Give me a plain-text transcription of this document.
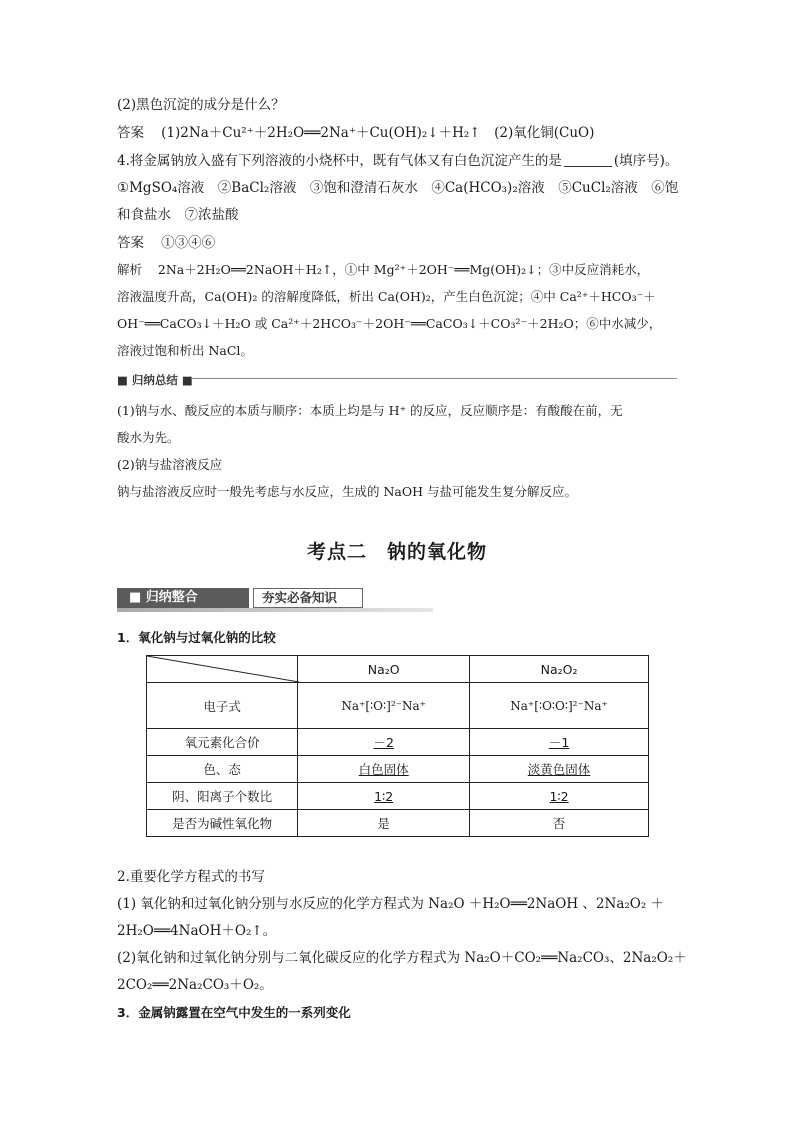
(2)黑色沉淀的成分是什么？
答案 (1)2Na＋Cu²⁺＋2H₂O══2Na⁺＋Cu(OH)₂↓＋H₂↑　(2)氧化铜(CuO)
4.将金属钠放入盛有下列溶液的小烧杯中，既有气体又有白色沉淀产生的是	(填序号)。
①MgSO₄溶液　②BaCl₂溶液　③饱和澄清石灰水　④Ca(HCO₃)₂溶液　⑤CuCl₂溶液　⑥饱
和食盐水　⑦浓盐酸
答案 ①③④⑥
解析 2Na＋2H₂O══2NaOH＋H₂↑，①中 Mg²⁺＋2OH⁻══Mg(OH)₂↓；③中反应消耗水，
溶液温度升高，Ca(OH)₂ 的溶解度降低，析出 Ca(OH)₂，产生白色沉淀；④中 Ca²⁺＋HCO₃⁻＋
OH⁻══CaCO₃↓＋H₂O 或 Ca²⁺＋2HCO₃⁻＋2OH⁻══CaCO₃↓＋CO₃²⁻＋2H₂O；⑥中水减少，
溶液过饱和析出 NaCl。
■ 归纳总结 ■
(1)钠与水、酸反应的本质与顺序：本质上均是与 H⁺ 的反应，反应顺序是：有酸酸在前，无
酸水为先。
(2)钠与盐溶液反应
钠与盐溶液反应时一般先考虑与水反应，生成的 NaOH 与盐可能发生复分解反应。
考点二　钠的氧化物
■ 归纳整合	夯实必备知识
1．氧化钠与过氧化钠的比较
	Na₂O	Na₂O₂
电子式	Na⁺[∶O∶]²⁻Na⁺	Na⁺[∶O∶O∶]²⁻Na⁺
氧元素化合价	－2	－1
色、态	白色固体	淡黄色固体
阴、阳离子个数比	1∶2	1∶2
是否为碱性氧化物	是	否
2.重要化学方程式的书写
(1) 氧化钠和过氧化钠分别与水反应的化学方程式为 Na₂O ＋H₂O══2NaOH 、2Na₂O₂ ＋
2H₂O══4NaOH＋O₂↑。
(2)氧化钠和过氧化钠分别与二氧化碳反应的化学方程式为 Na₂O＋CO₂══Na₂CO₃、2Na₂O₂＋
2CO₂══2Na₂CO₃＋O₂。
3．金属钠露置在空气中发生的一系列变化
